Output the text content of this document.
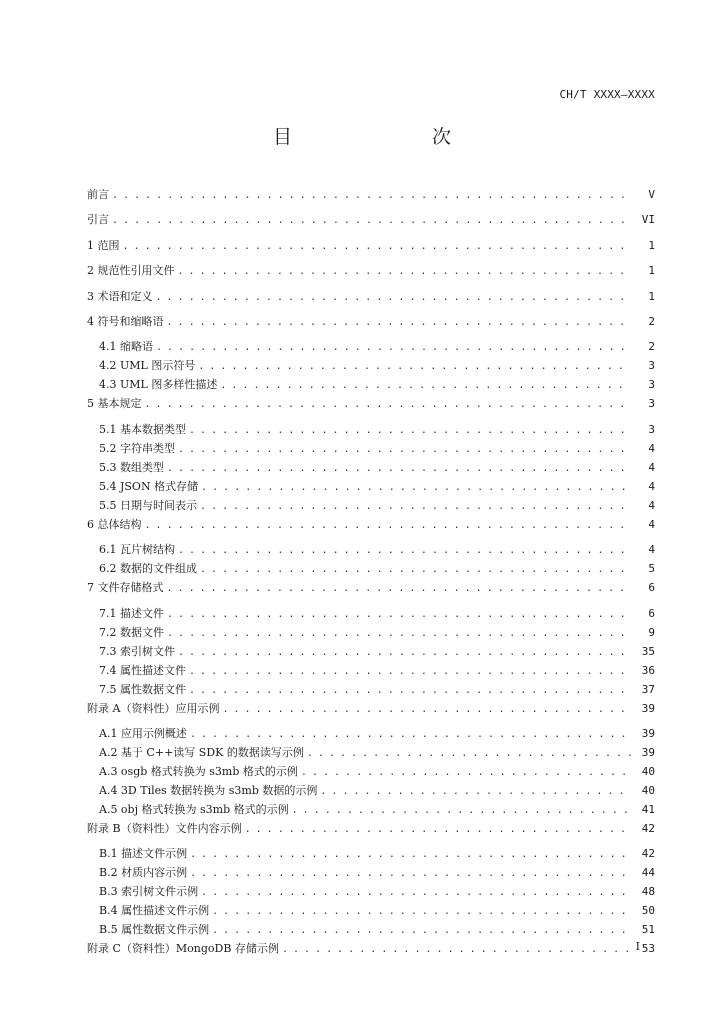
CH/T XXXX—XXXX
目　　次
前言 . . .	V
引言 . . .	VI
1 范围 . . .	1
2 规范性引用文件 . . .	1
3 术语和定义 . . .	1
4 符号和缩略语 . . .	2
4.1 缩略语 . . .	2
4.2 UML 图示符号 . . .	3
4.3 UML 图多样性描述 . . .	3
5 基本规定 . . .	3
5.1 基本数据类型 . . .	3
5.2 字符串类型 . . .	4
5.3 数组类型 . . .	4
5.4 JSON 格式存储 . . .	4
5.5 日期与时间表示 . . .	4
6 总体结构 . . .	4
6.1 瓦片树结构 . . .	4
6.2 数据的文件组成 . . .	5
7 文件存储格式 . . .	6
7.1 描述文件 . . .	6
7.2 数据文件 . . .	9
7.3 索引树文件 . . .	35
7.4 属性描述文件 . . .	36
7.5 属性数据文件 . . .	37
附录 A（资料性）应用示例 . . .	39
A.1 应用示例概述 . . .	39
A.2 基于 C++读写 SDK 的数据读写示例 . . .	39
A.3 osgb 格式转换为 s3mb 格式的示例 . . .	40
A.4 3D Tiles 数据转换为 s3mb 数据的示例 . . .	40
A.5 obj 格式转换为 s3mb 格式的示例 . . .	41
附录 B（资料性）文件内容示例 . . .	42
B.1 描述文件示例 . . .	42
B.2 材质内容示例 . . .	44
B.3 索引树文件示例 . . .	48
B.4 属性描述文件示例 . . .	50
B.5 属性数据文件示例 . . .	51
附录 C（资料性）MongoDB 存储示例 . . .	53
I
